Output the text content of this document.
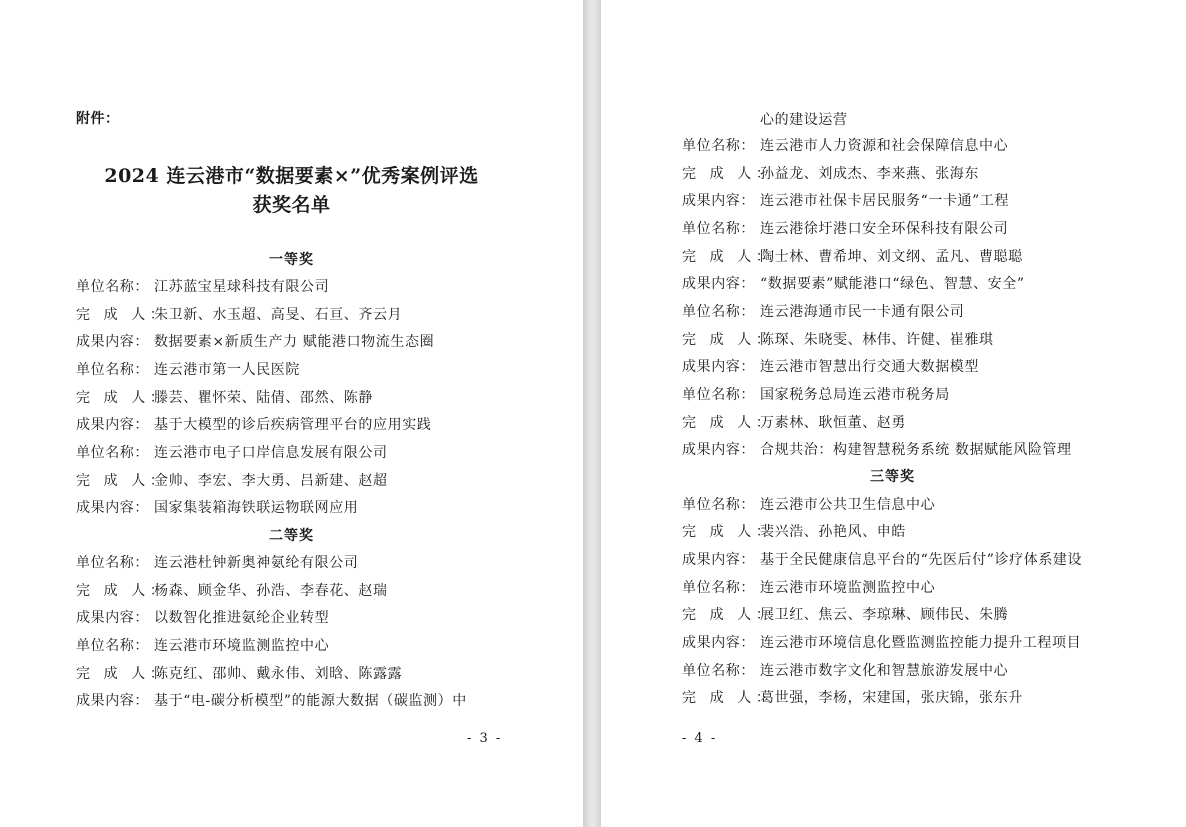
附件：
2024 连云港市“数据要素×”优秀案例评选
获奖名单
一等奖
单位名称： 江苏蓝宝星球科技有限公司
完 成 人：朱卫新、水玉超、高旻、石亘、齐云月
成果内容： 数据要素×新质生产力 赋能港口物流生态圈
单位名称： 连云港市第一人民医院
完 成 人：滕芸、瞿怀荣、陆倩、邵然、陈静
成果内容： 基于大模型的诊后疾病管理平台的应用实践
单位名称： 连云港市电子口岸信息发展有限公司
完 成 人：金帅、李宏、李大勇、吕新建、赵超
成果内容： 国家集装箱海铁联运物联网应用
二等奖
单位名称： 连云港杜钟新奥神氨纶有限公司
完 成 人：杨森、顾金华、孙浩、李春花、赵瑞
成果内容： 以数智化推进氨纶企业转型
单位名称： 连云港市环境监测监控中心
完 成 人：陈克红、邵帅、戴永伟、刘晗、陈露露
成果内容： 基于“电-碳分析模型”的能源大数据（碳监测）中
- 3 -
心的建设运营
单位名称： 连云港市人力资源和社会保障信息中心
完 成 人：孙益龙、刘成杰、李来燕、张海东
成果内容： 连云港市社保卡居民服务“一卡通”工程
单位名称： 连云港徐圩港口安全环保科技有限公司
完 成 人：陶士林、曹希坤、刘文纲、孟凡、曹聪聪
成果内容： “数据要素”赋能港口“绿色、智慧、安全”
单位名称： 连云港海通市民一卡通有限公司
完 成 人：陈琛、朱晓雯、林伟、许健、崔雅琪
成果内容： 连云港市智慧出行交通大数据模型
单位名称： 国家税务总局连云港市税务局
完 成 人：万素林、耿恒董、赵勇
成果内容： 合规共治：构建智慧税务系统 数据赋能风险管理
三等奖
单位名称： 连云港市公共卫生信息中心
完 成 人：裴兴浩、孙艳风、申皓
成果内容： 基于全民健康信息平台的“先医后付”诊疗体系建设
单位名称： 连云港市环境监测监控中心
完 成 人：展卫红、焦云、李琼琳、顾伟民、朱腾
成果内容： 连云港市环境信息化暨监测监控能力提升工程项目
单位名称： 连云港市数字文化和智慧旅游发展中心
完 成 人：葛世强，李杨，宋建国，张庆锦，张东升
- 4 -
